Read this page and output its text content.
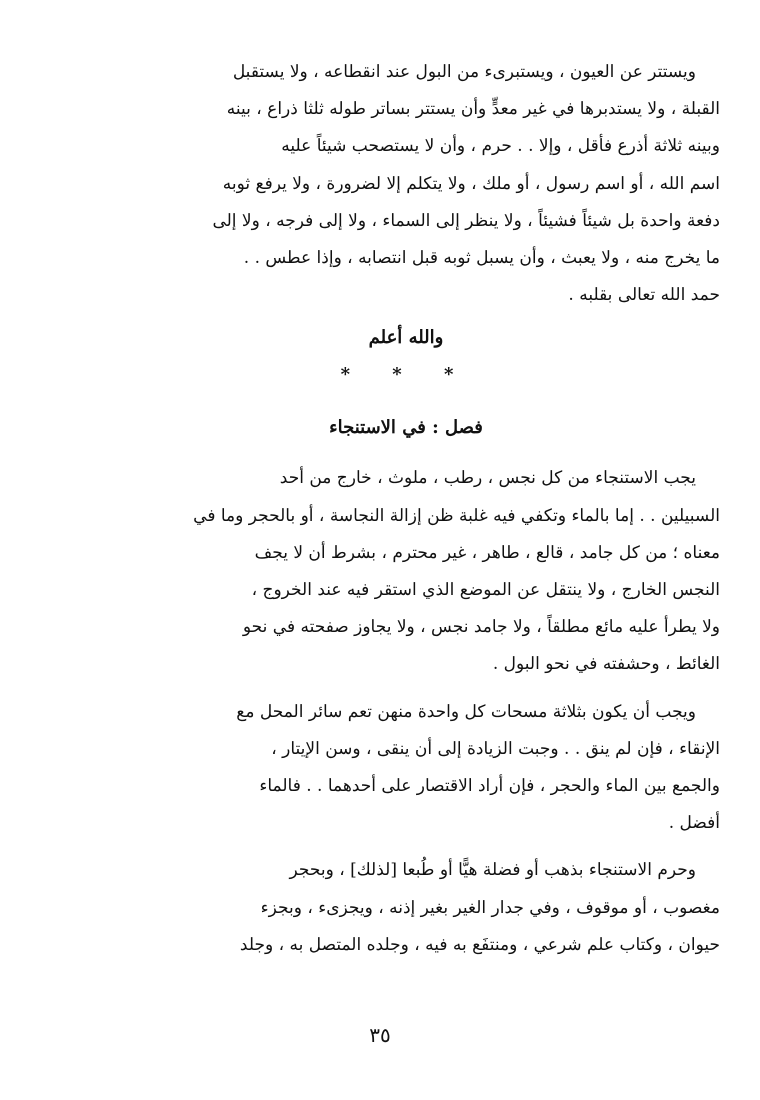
ويستتر عن العيون ، ويستبرىء من البول عند انقطاعه ، ولا يستقبل
القبلة ، ولا يستدبرها في غير معدٍّ وأن يستتر بساتر طوله ثلثا ذراع ، بينه
وبينه ثلاثة أذرع فأقل ، وإلا . . حرم ، وأن لا يستصحب شيئاً عليه
اسم الله ، أو اسم رسول ، أو ملك ، ولا يتكلم إلا لضرورة ، ولا يرفع ثوبه
دفعة واحدة بل شيئاً فشيئاً ، ولا ينظر إلى السماء ، ولا إلى فرجه ، ولا إلى
ما يخرج منه ، ولا يعبث ، وأن يسبل ثوبه قبل انتصابه ، وإذا عطس . .
حمد الله تعالى بقلبه .

والله أعلم
* * *
فصل : في الاستنجاء

يجب الاستنجاء من كل نجس ، رطب ، ملوث ، خارج من أحد
السبيلين . . إما بالماء وتكفي فيه غلبة ظن إزالة النجاسة ، أو بالحجر وما في
معناه ؛ من كل جامد ، قالع ، طاهر ، غير محترم ، بشرط أن لا يجف
النجس الخارج ، ولا ينتقل عن الموضع الذي استقر فيه عند الخروج ،
ولا يطرأ عليه مائع مطلقاً ، ولا جامد نجس ، ولا يجاوز صفحته في نحو
الغائط ، وحشفته في نحو البول .

ويجب أن يكون بثلاثة مسحات كل واحدة منهن تعم سائر المحل مع
الإنقاء ، فإن لم ينق . . وجبت الزيادة إلى أن ينقى ، وسن الإيتار ،
والجمع بين الماء والحجر ، فإن أراد الاقتصار على أحدهما . . فالماء
أفضل .

وحرم الاستنجاء بذهب أو فضلة هيًّا أو طُبعا [لذلك] ، وبحجر
مغصوب ، أو موقوف ، وفي جدار الغير بغير إذنه ، ويجزىء ، وبجزء
حيوان ، وكتاب علم شرعي ، ومنتفَع به فيه ، وجلده المتصل به ، وجلد

٣٥
